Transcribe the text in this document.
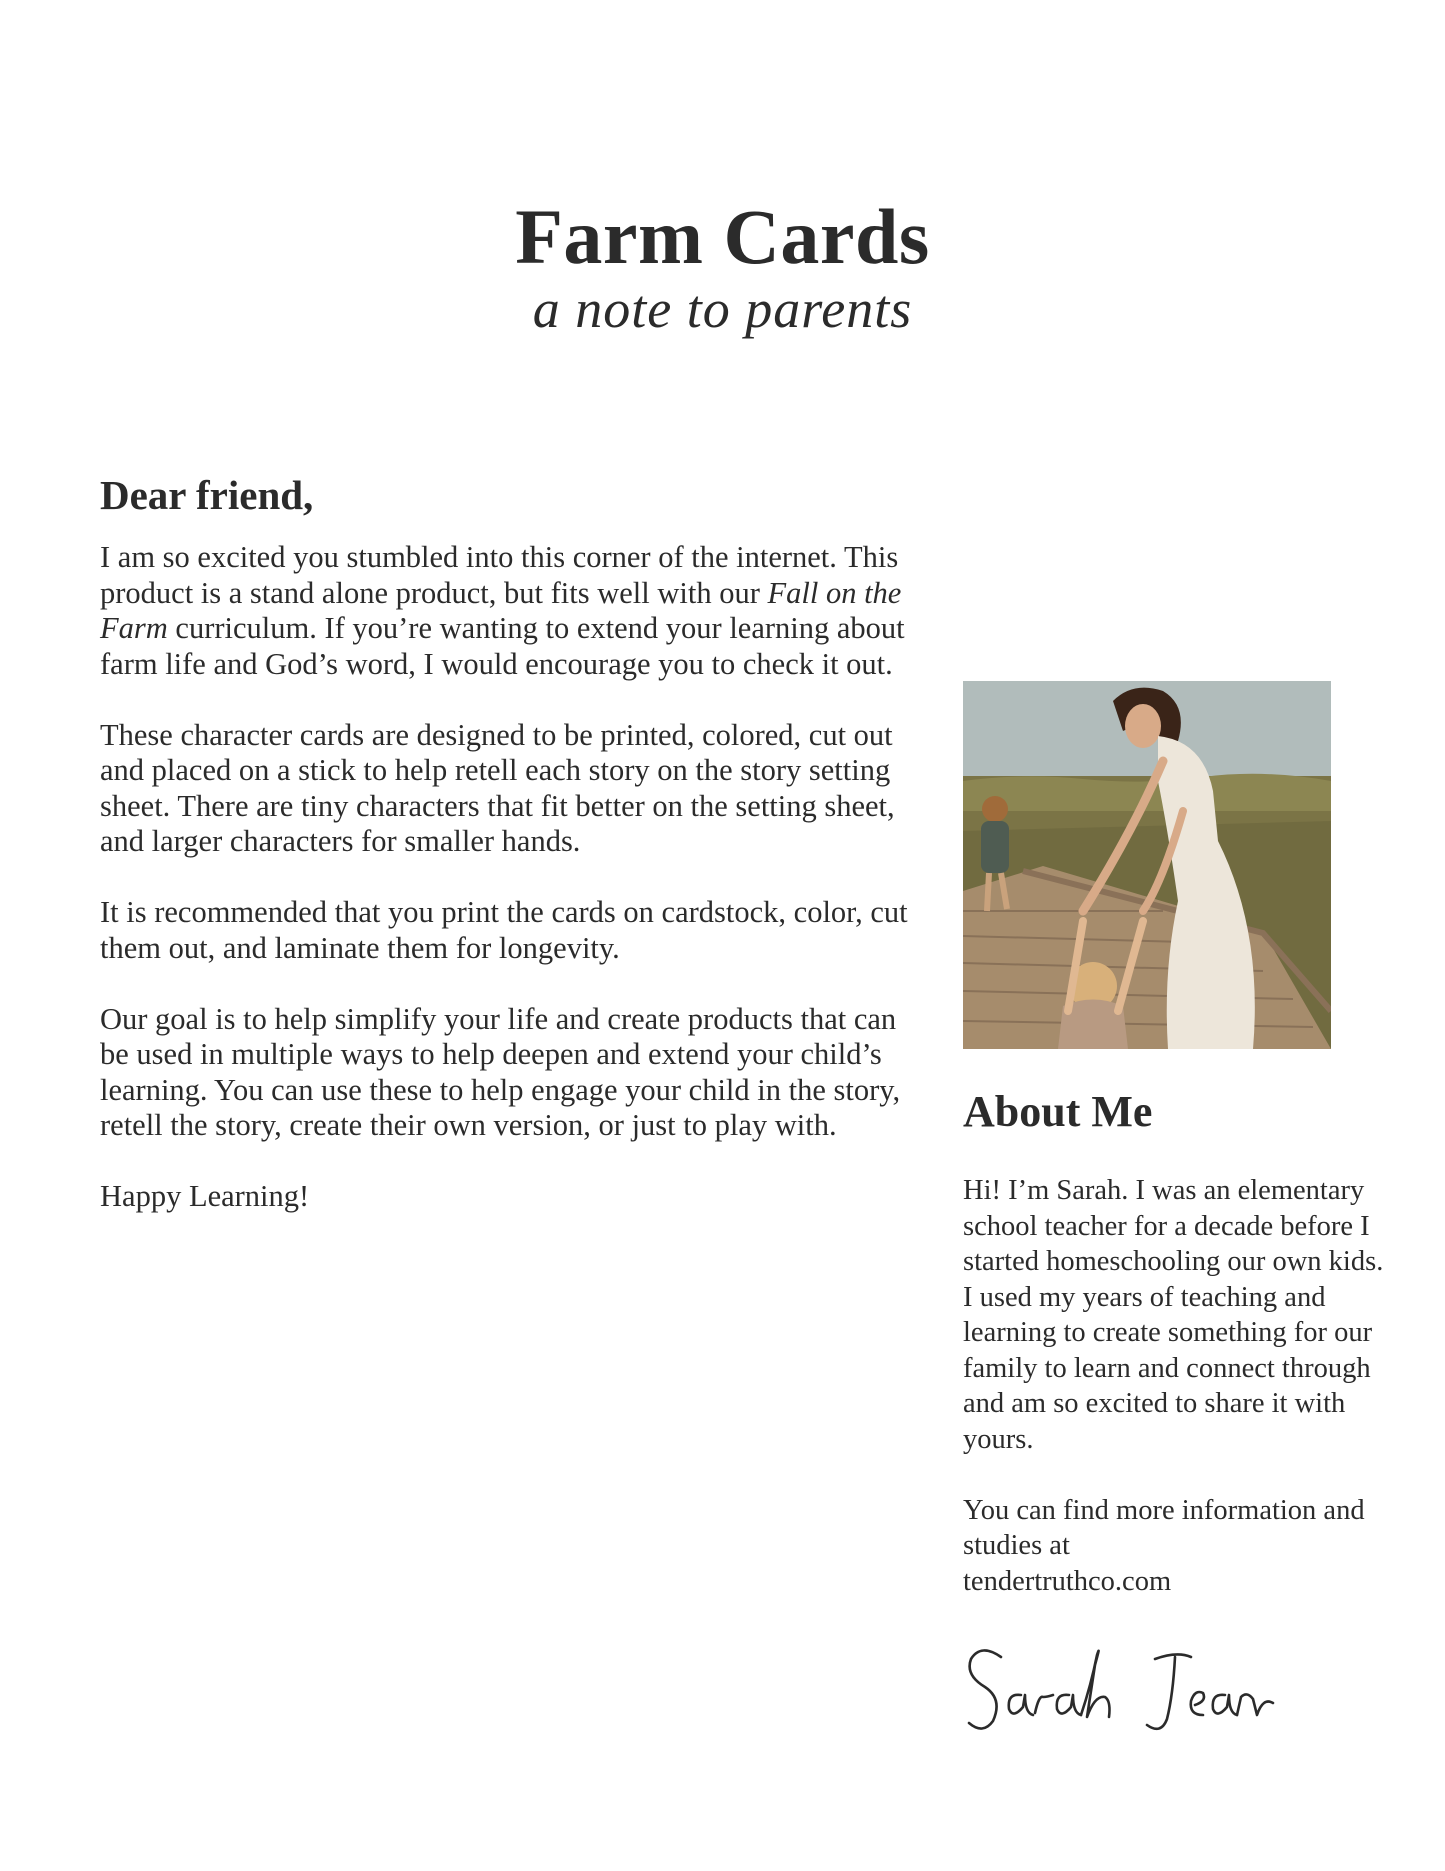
Farm Cards

a note to parents

Dear friend,

I am so excited you stumbled into this corner of the internet. This product is a stand alone product, but fits well with our Fall on the Farm curriculum. If you’re wanting to extend your learning about farm life and God’s word, I would encourage you to check it out.

These character cards are designed to be printed, colored, cut out and placed on a stick to help retell each story on the story setting sheet. There are tiny characters that fit better on the setting sheet, and larger characters for smaller hands.

It is recommended that you print the cards on cardstock, color, cut them out, and laminate them for longevity.

Our goal is to help simplify your life and create products that can be used in multiple ways to help deepen and extend your child’s learning. You can use these to help engage your child in the story, retell the story, create their own version, or just to play with.

Happy Learning!

About Me

Hi! I’m Sarah. I was an elementary school teacher for a decade before I started homeschooling our own kids. I used my years of teaching and learning to create something for our family to learn and connect through and am so excited to share it with yours.

You can find more information and studies at
tendertruthco.com
